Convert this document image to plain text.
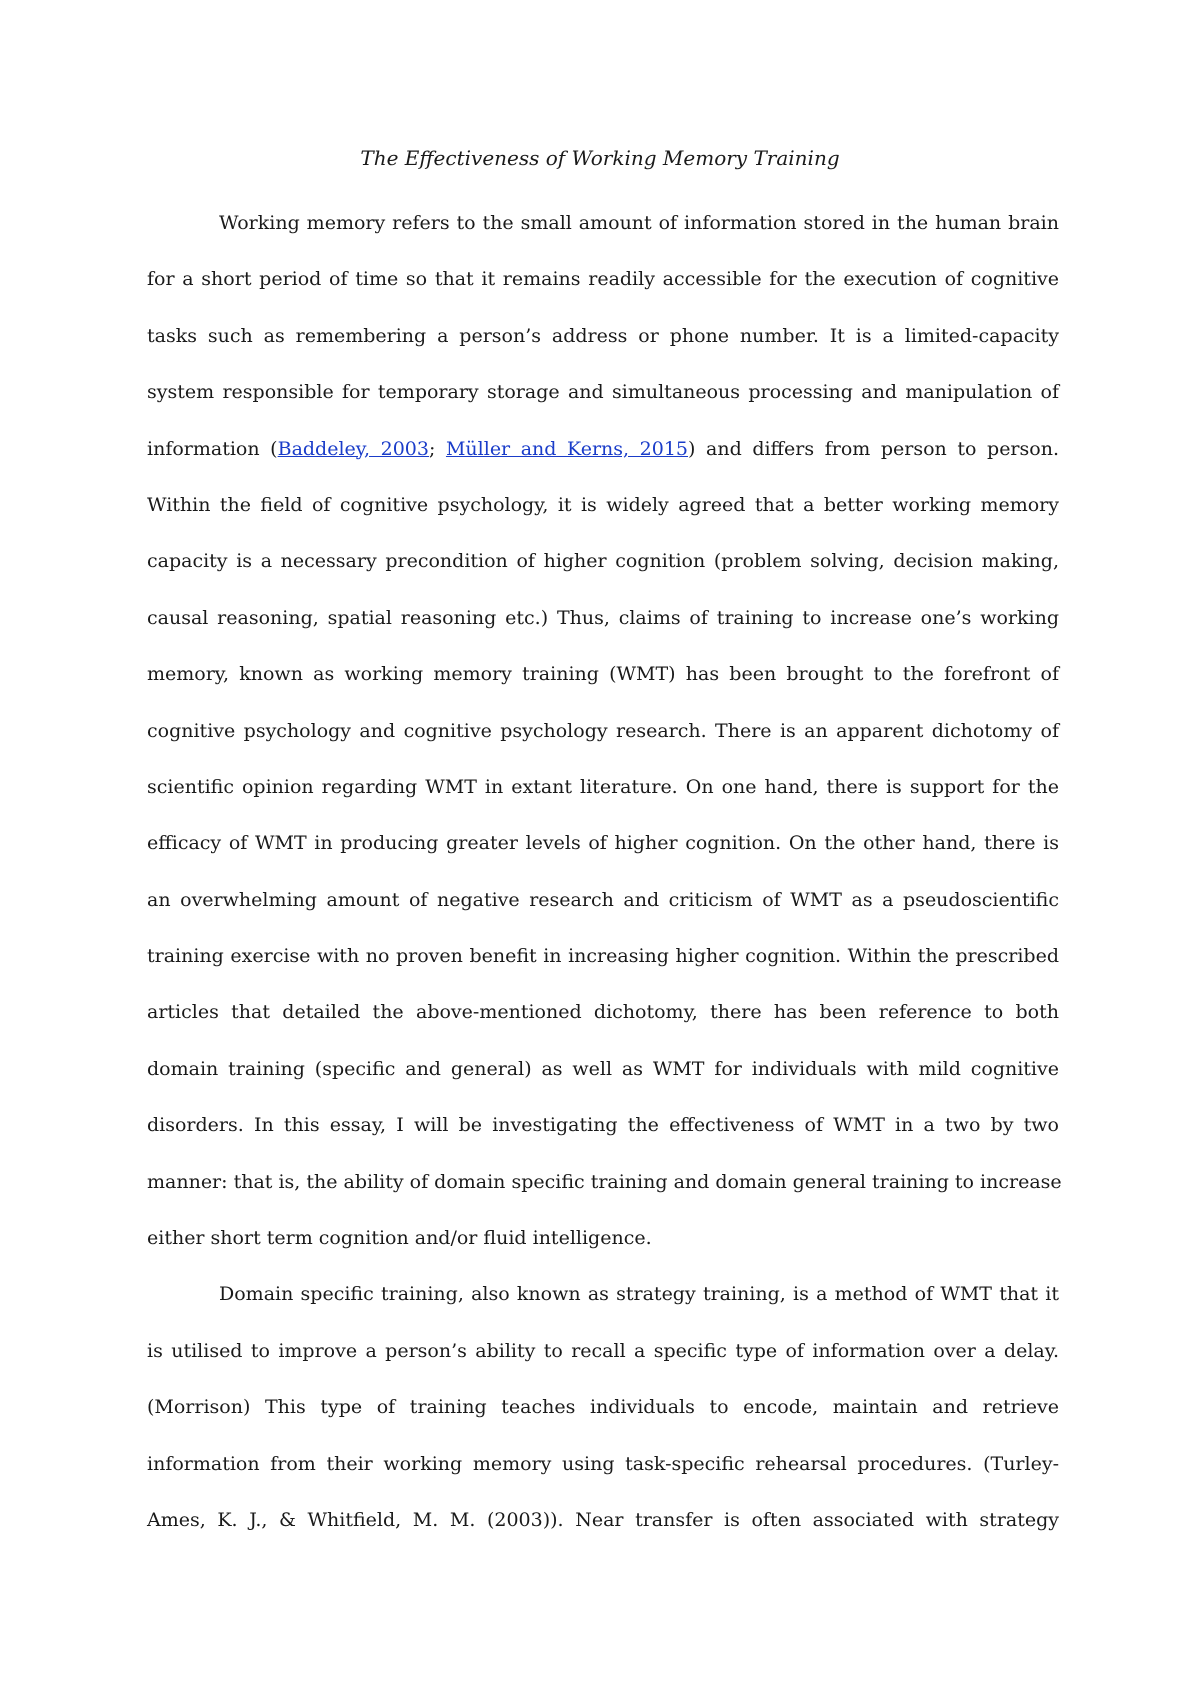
The Effectiveness of Working Memory Training

Working memory refers to the small amount of information stored in the human brain
for a short period of time so that it remains readily accessible for the execution of cognitive
tasks such as remembering a person’s address or phone number. It is a limited-capacity
system responsible for temporary storage and simultaneous processing and manipulation of
information (Baddeley, 2003; Müller and Kerns, 2015) and differs from person to person.
Within the field of cognitive psychology, it is widely agreed that a better working memory
capacity is a necessary precondition of higher cognition (problem solving, decision making,
causal reasoning, spatial reasoning etc.) Thus, claims of training to increase one’s working
memory, known as working memory training (WMT) has been brought to the forefront of
cognitive psychology and cognitive psychology research. There is an apparent dichotomy of
scientific opinion regarding WMT in extant literature. On one hand, there is support for the
efficacy of WMT in producing greater levels of higher cognition. On the other hand, there is
an overwhelming amount of negative research and criticism of WMT as a pseudoscientific
training exercise with no proven benefit in increasing higher cognition. Within the prescribed
articles that detailed the above-mentioned dichotomy, there has been reference to both
domain training (specific and general) as well as WMT for individuals with mild cognitive
disorders. In this essay, I will be investigating the effectiveness of WMT in a two by two
manner: that is, the ability of domain specific training and domain general training to increase
either short term cognition and/or fluid intelligence.

Domain specific training, also known as strategy training, is a method of WMT that it
is utilised to improve a person’s ability to recall a specific type of information over a delay.
(Morrison) This type of training teaches individuals to encode, maintain and retrieve
information from their working memory using task-specific rehearsal procedures. (Turley-
Ames, K. J., & Whitfield, M. M. (2003)). Near transfer is often associated with strategy
